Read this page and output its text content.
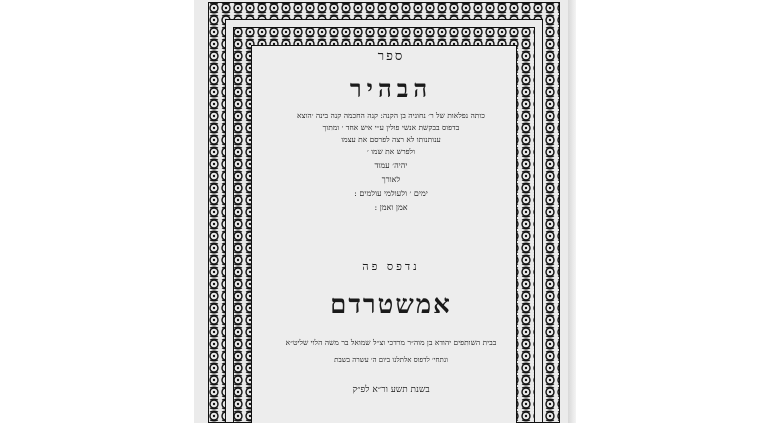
ספר
הבהיר
כותה נפלאות של ר׳ נחוניה בן הקנה: קנה החכמה קנה בינה ׳הוצא
בדפוס בבקשת אנשי פולין ע״י איש אחד ׳ ומתוך
ענותנותו לא רצה לפרסם את עצמו
ולפרש את שמו ׳
יהיה׳ עמוד
לאורך
ימים ׳ ולעולמי עולמים :
אמן ואמן :
נדפס פה
אמשטרדם
בבית השותפים יהודא בן מוה״ר מרדכי וצ״ל שמואל בר משה הלוי שליט״א
ונתחי׳ לדפוס אלתלנו ביום ה׳ עשרה בשבת
בשנת תשע ור״א לפ״ק
